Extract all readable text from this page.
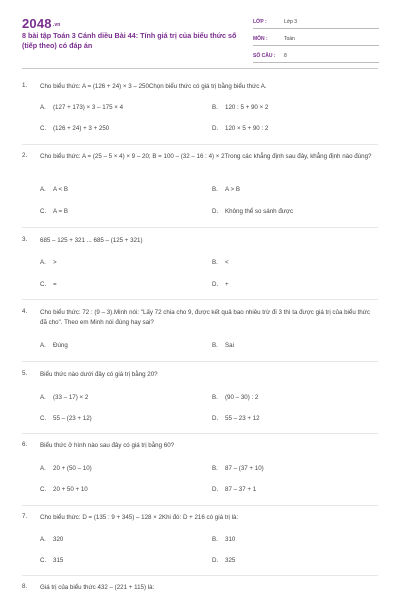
2048.vn
8 bài tập Toán 3 Cánh diều Bài 44: Tính giá trị của biểu thức số (tiếp theo) có đáp án
LỚP :	Lớp 3
MÔN :	Toán
SỐ CÂU : 8
1. Cho biểu thức: A = (126 + 24) × 3 – 250Chọn biểu thức có giá trị bằng biểu thức A.
A. (127 + 173) × 3 – 175 × 4	B. 120 : 5 + 90 × 2
C. (126 + 24) + 3 + 250	D. 120 × 5 + 90 : 2
2. Cho biểu thức: A = (25 – 5 × 4) × 9 – 20; B = 100 – (32 – 16 : 4) × 2Trong các khẳng định sau đây, khẳng định nào đúng?
A. A < B	B. A > B
C. A = B	D. Không thể so sánh được
3. 685 – 125 + 321 ... 685 – (125 + 321)
A. >	B. <
C. =	D. +
4. Cho biểu thức: 72 : (9 – 3).Minh nói: "Lấy 72 chia cho 9, được kết quả bao nhiêu trừ đi 3 thì ta được giá trị của biểu thức đã cho". Theo em Minh nói đúng hay sai?
A. Đúng	B. Sai
5. Biểu thức nào dưới đây có giá trị bằng 20?
A. (33 – 17) × 2	B. (90 – 30) : 2
C. 55 – (23 + 12)	D. 55 – 23 + 12
6. Biểu thức ở hình nào sau đây có giá trị bằng 60?
A. 20 + (50 – 10)	B. 87 – (37 + 10)
C. 20 + 50 + 10	D. 87 – 37 + 1
7. Cho biểu thức: D = (135 : 9 + 345) – 128 × 2Khi đó: D + 216 có giá trị là:
A. 320	B. 310
C. 315	D. 325
8. Giá trị của biểu thức 432 – (221 + 115) là:
